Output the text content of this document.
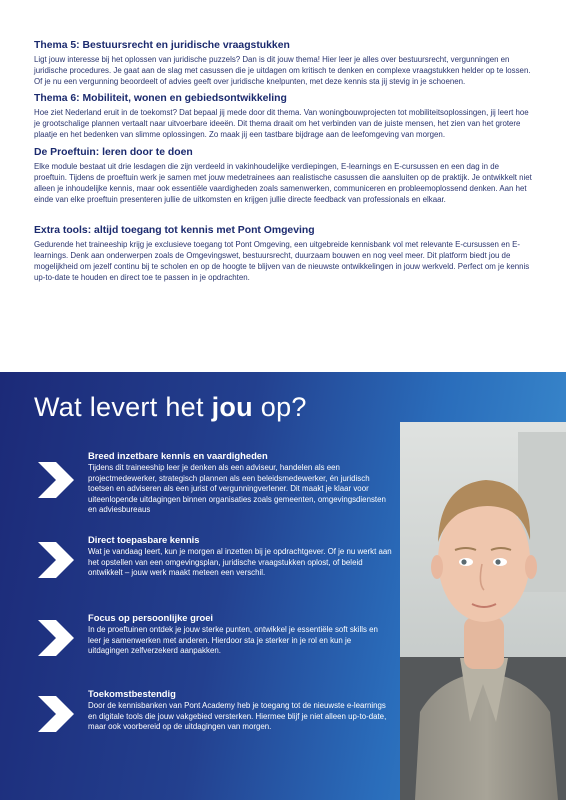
Thema 5: Bestuursrecht en juridische vraagstukken

Ligt jouw interesse bij het oplossen van juridische puzzels? Dan is dit jouw thema! Hier leer je alles over bestuursrecht, vergunningen en juridische procedures. Je gaat aan de slag met casussen die je uitdagen om kritisch te denken en complexe vraagstukken helder op te lossen. Of je nu een vergunning beoordeelt of advies geeft over juridische knelpunten, met deze kennis sta jij stevig in je schoenen.

Thema 6: Mobiliteit, wonen en gebiedsontwikkeling

Hoe ziet Nederland eruit in de toekomst? Dat bepaal jij mede door dit thema. Van woningbouwprojecten tot mobiliteitsoplossingen, jij leert hoe je grootschalige plannen vertaalt naar uitvoerbare ideeën. Dit thema draait om het verbinden van de juiste mensen, het zien van het grotere plaatje en het bedenken van slimme oplossingen. Zo maak jij een tastbare bijdrage aan de leefomgeving van morgen.

De Proeftuin: leren door te doen

Elke module bestaat uit drie lesdagen die zijn verdeeld in vakinhoudelijke verdiepingen, E-learnings en E-cursussen en een dag in de proeftuin. Tijdens de proeftuin werk je samen met jouw medetrainees aan realistische casussen die aansluiten op de praktijk. Je ontwikkelt niet alleen je inhoudelijke kennis, maar ook essentiële vaardigheden zoals samenwerken, communiceren en probleemoplossend denken. Aan het einde van elke proeftuin presenteren jullie de uitkomsten en krijgen jullie directe feedback van professionals en elkaar.

Extra tools: altijd toegang tot kennis met Pont Omgeving

Gedurende het traineeship krijg je exclusieve toegang tot Pont Omgeving, een uitgebreide kennisbank vol met relevante E-cursussen en E-learnings. Denk aan onderwerpen zoals de Omgevingswet, bestuursrecht, duurzaam bouwen en nog veel meer. Dit platform biedt jou de mogelijkheid om jezelf continu bij te scholen en op de hoogte te blijven van de nieuwste ontwikkelingen in jouw werkveld. Perfect om je kennis up-to-date te houden en direct toe te passen in je opdrachten.

Wat levert het jou op?
Breed inzetbare kennis en vaardigheden

Tijdens dit traineeship leer je denken als een adviseur, handelen als een projectmedewerker, strategisch plannen als een beleidsmedewerker, én juridisch toetsen en adviseren als een jurist of vergunningverlener. Dit maakt je klaar voor uiteenlopende uitdagingen binnen organisaties zoals gemeenten, omgevingsdiensten en adviesbureaus

Direct toepasbare kennis

Wat je vandaag leert, kun je morgen al inzetten bij je opdrachtgever. Of je nu werkt aan het opstellen van een omgevingsplan, juridische vraagstukken oplost, of beleid ontwikkelt – jouw werk maakt meteen een verschil.

Focus op persoonlijke groei

In de proeftuinen ontdek je jouw sterke punten, ontwikkel je essentiële soft skills en leer je samenwerken met anderen. Hierdoor sta je sterker in je rol en kun je uitdagingen zelfverzekerd aanpakken.

Toekomstbestendig

Door de kennisbanken van Pont Academy heb je toegang tot de nieuwste e-learnings en digitale tools die jouw vakgebied versterken. Hiermee blijf je niet alleen up-to-date, maar ook voorbereid op de uitdagingen van morgen.
